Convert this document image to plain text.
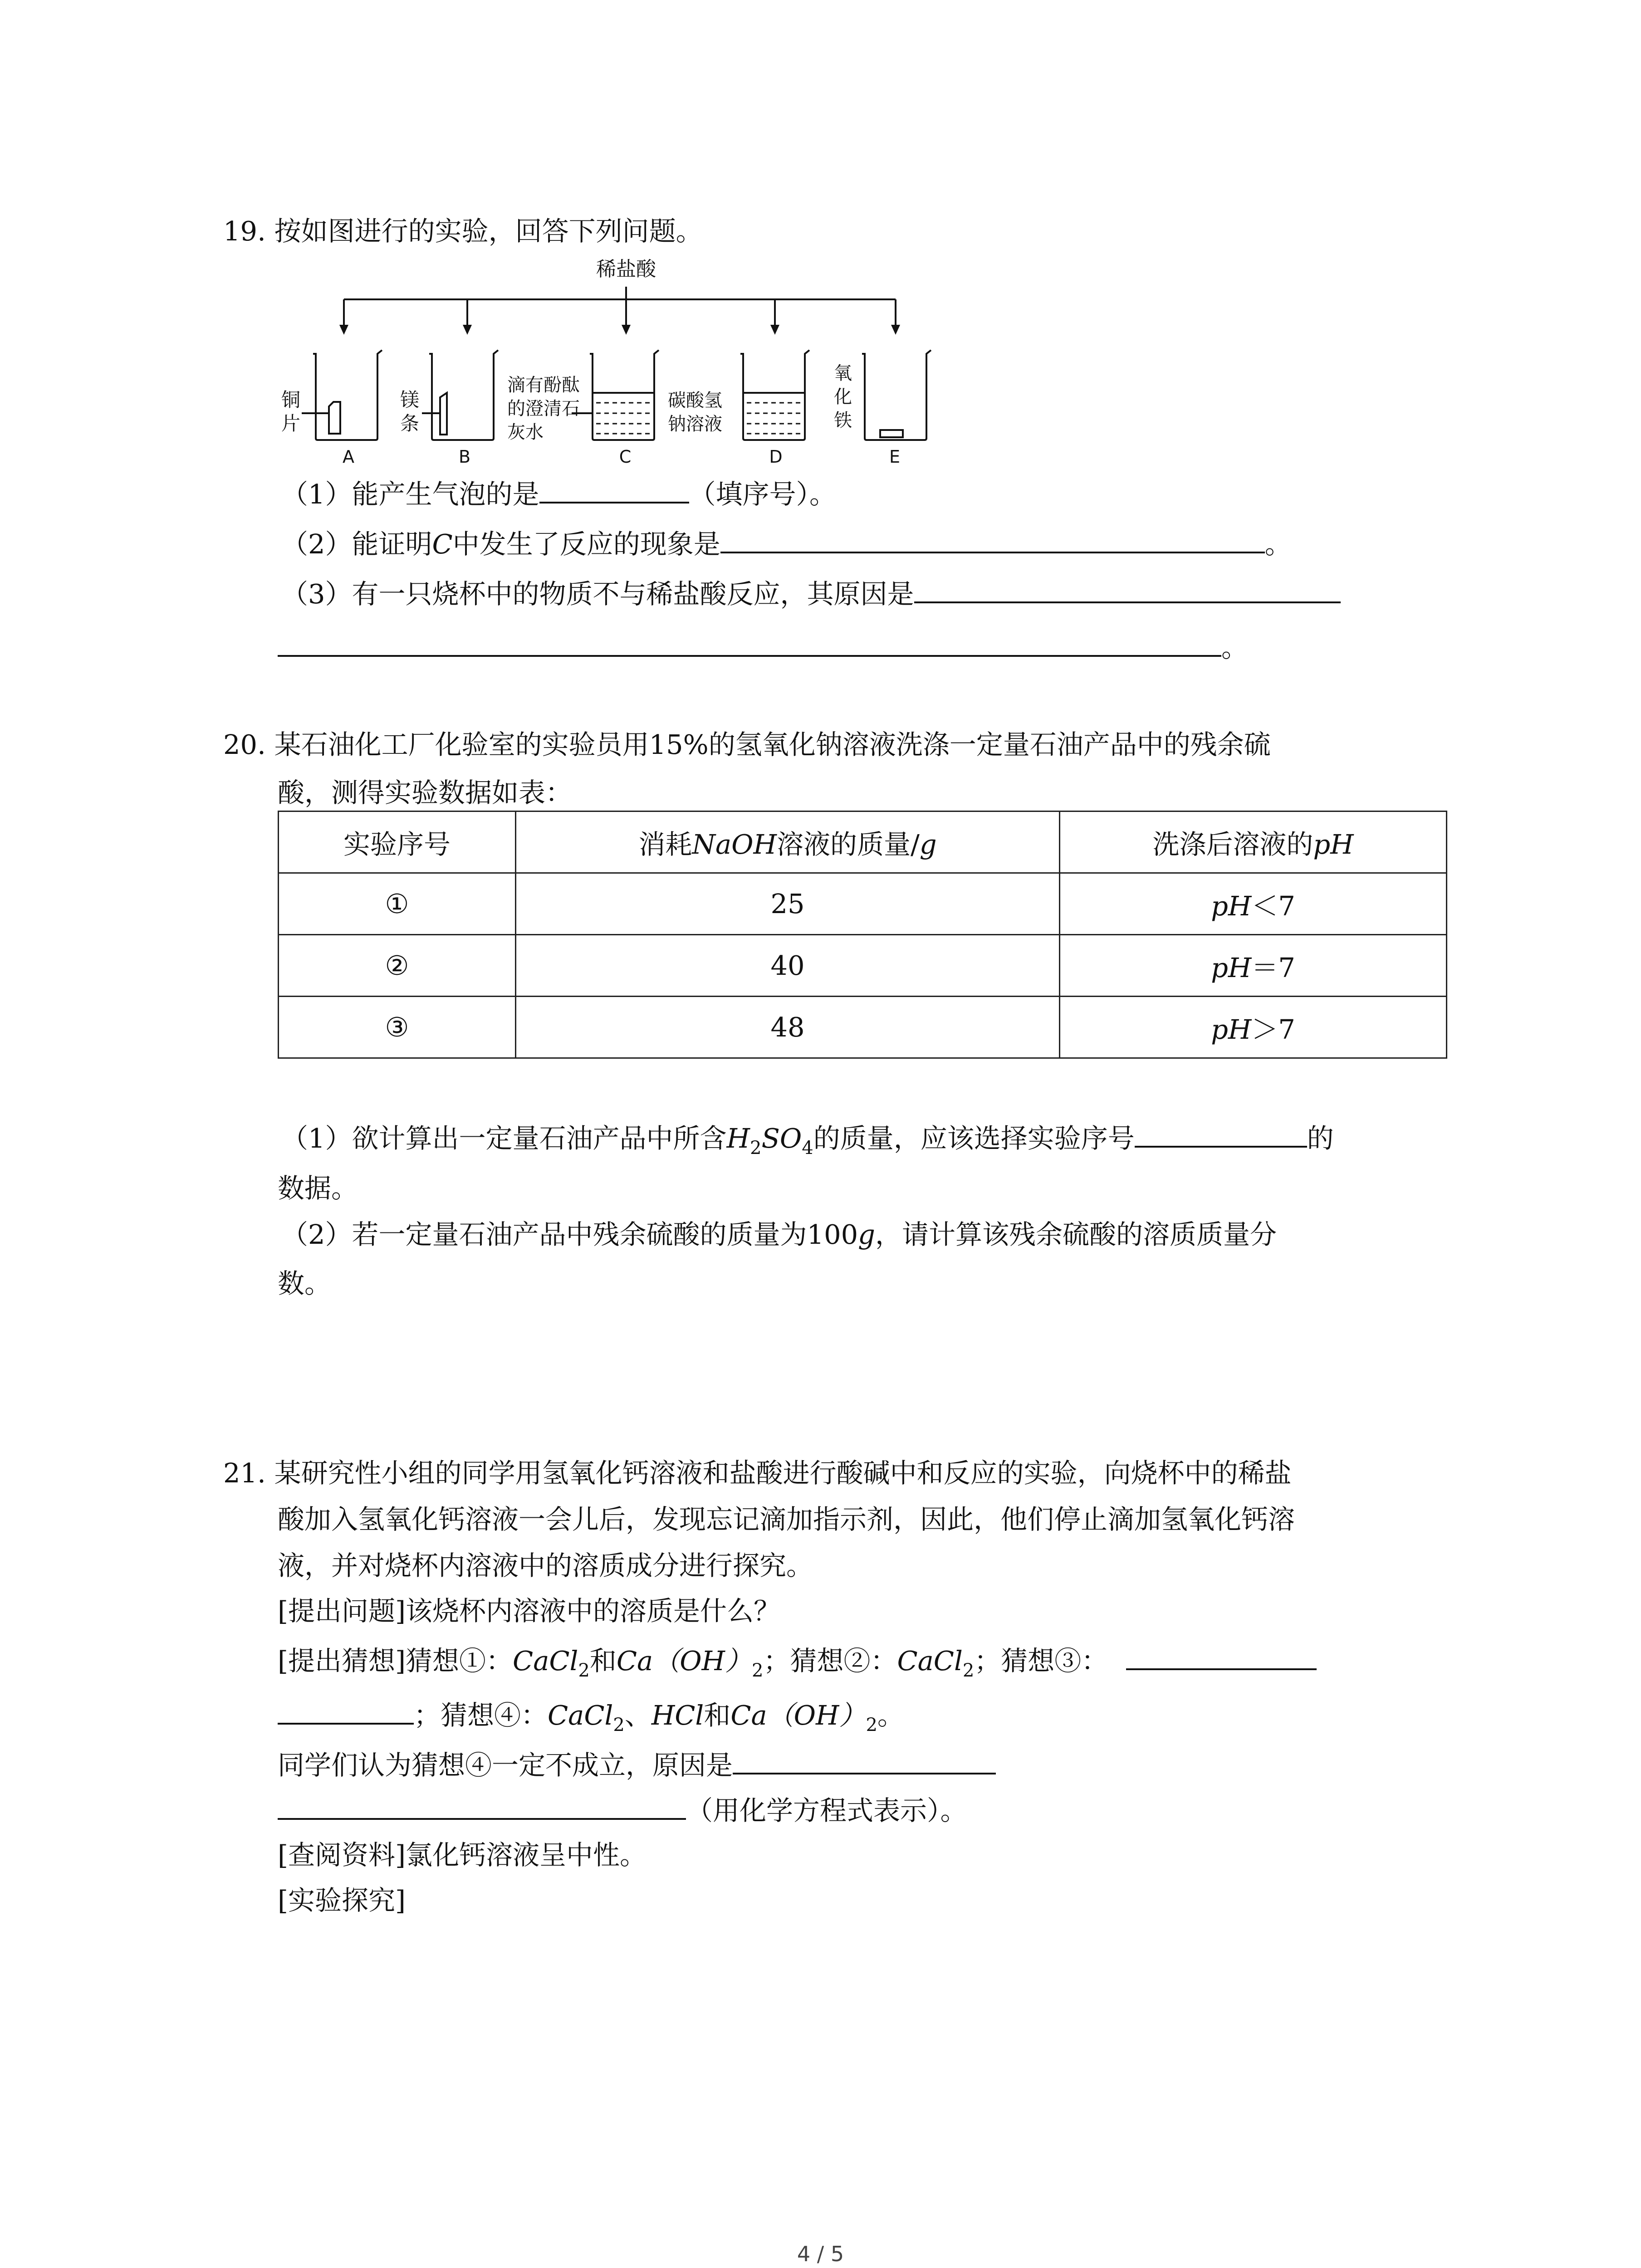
19. 按如图进行的实验，回答下列问题。
稀盐酸
铜
片
A
镁
条
B
滴有酚酞
的澄清石
灰水
C
碳酸氢
钠溶液
D
氧
化
铁
E
（1）能产生气泡的是	（填序号）。
（2）能证明C中发生了反应的现象是	。
（3）有一只烧杯中的物质不与稀盐酸反应，其原因是
。
20. 某石油化工厂化验室的实验员用15%的氢氧化钠溶液洗涤一定量石油产品中的残余硫
酸，测得实验数据如表：
实验序号	消耗NaOH溶液的质量/g	洗涤后溶液的pH
①	25	pH＜7
②	40	pH＝7
③	48	pH＞7
（1）欲计算出一定量石油产品中所含$H_2SO_4$的质量，应该选择实验序号	的
数据。
（2）若一定量石油产品中残余硫酸的质量为100g，请计算该残余硫酸的溶质质量分
数。
21. 某研究性小组的同学用氢氧化钙溶液和盐酸进行酸碱中和反应的实验，向烧杯中的稀盐
酸加入氢氧化钙溶液一会儿后，发现忘记滴加指示剂，因此，他们停止滴加氢氧化钙溶
液，并对烧杯内溶液中的溶质成分进行探究。
[提出问题]该烧杯内溶液中的溶质是什么？
[提出猜想]猜想①：CaCl$_2$和$Ca(OH)_2$；猜想②：CaCl$_2$；猜想③：
；猜想④：CaCl$_2$、HCl和$Ca(OH)_2$。
同学们认为猜想④一定不成立，原因是
（用化学方程式表示）。
[查阅资料]氯化钙溶液呈中性。
[实验探究]
4 / 5
